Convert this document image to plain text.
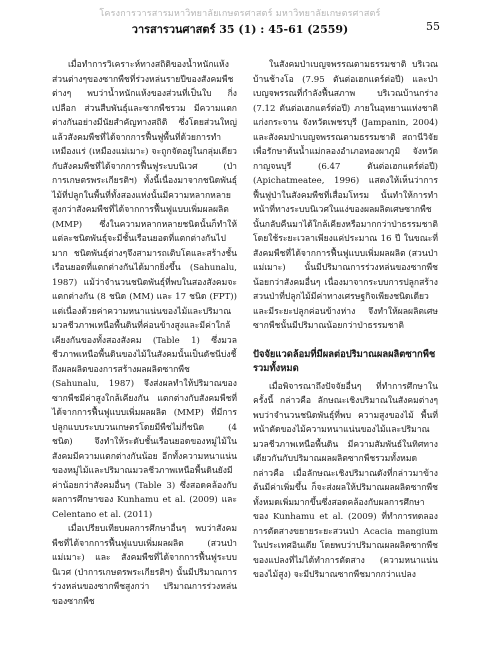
โครงการวารสารมหาวิทยาลัยเกษตรศาสตร์ มหาวิทยาลัยเกษตรศาสตร์
วารสารวนศาสตร์ 35 (1) : 45-61 (2559)	55

เมื่อทำการวิเคราะห์ทางสถิติของน้ำหนักแห้งส่วนต่างๆของซากพืชที่ร่วงหล่นรายปีของสังคมพืชต่างๆ พบว่าน้ำหนักแห้งของส่วนที่เป็นใบ กิ่ง เปลือก ส่วนสืบพันธุ์และซากพืชรวม มีความแตกต่างกันอย่างมีนัยสำคัญทางสถิติ ซึ่งโดยส่วนใหญ่แล้วสังคมพืชที่ได้จากการฟื้นฟูพื้นที่ด้วยการทำเหมืองแร่ (เหมืองแม่เมาะ) จะถูกจัดอยู่ในกลุ่มเดียวกับสังคมพืชที่ได้จากการฟื้นฟูระบบนิเวศ (ป่าการเกษตรพระเกียรติฯ) ทั้งนี้เนื่องมาจากชนิดพันธุ์ไม้ที่ปลูกในพื้นที่ทั้งสองแห่งนั้นมีความหลากหลายสูงกว่าสังคมพืชที่ได้จากการฟื้นฟูแบบเพิ่มผลผลิต (MMP) ซึ่งในความหลากหลายชนิดนั้นก็ทำให้แต่ละชนิดพันธุ์จะมีชั้นเรือนยอดที่แตกต่างกันไปมาก ชนิดพันธุ์ต่างๆจึงสามารถเติบโตและสร้างชั้นเรือนยอดที่แตกต่างกันได้มากยิ่งขึ้น (Sahunalu, 1987) แม้ว่าจำนวนชนิดพันธุ์ที่พบในสองสังคมจะแตกต่างกัน (8 ชนิด (MM) และ 17 ชนิด (FPT)) แต่เนื่องด้วยค่าความหนาแน่นของไม้และปริมาณมวลชีวภาพเหนือพื้นดินที่ค่อนข้างสูงและมีค่าใกล้เคียงกันของทั้งสองสังคม (Table 1) ซึ่งมวลชีวภาพเหนือพื้นดินของไม้ในสังคมนั้นเป็นดัชนีบ่งชี้ถึงผลผลิตของการสร้างผลผลิตซากพืช (Sahunalu, 1987) จึงส่งผลทำให้ปริมาณของซากพืชมีค่าสูงใกล้เคียงกัน แตกต่างกับสังคมพืชที่ได้จากการฟื้นฟูแบบเพิ่มผลผลิต (MMP) ที่มีการปลูกแบบระบบวนเกษตรโดยมีพืชไม่กี่ชนิด (4 ชนิด) จึงทำให้ระดับชั้นเรือนยอดของหมู่ไม้ในสังคมมีความแตกต่างกันน้อย อีกทั้งความหนาแน่นของหมู่ไม้และปริมาณมวลชีวภาพเหนือพื้นดินยังมีค่าน้อยกว่าสังคมอื่นๆ (Table 3) ซึ่งสอดคล้องกับผลการศึกษาของ Kunhamu et al. (2009) และ Celentano et al. (2011)

เมื่อเปรียบเทียบผลการศึกษาอื่นๆ พบว่าสังคมพืชที่ได้จากการฟื้นฟูแบบเพิ่มผลผลิต (สวนป่าแม่เมาะ) และ สังคมพืชที่ได้จากการฟื้นฟูระบบนิเวศ (ป่าการเกษตรพระเกียรติฯ) นั้นมีปริมาณการร่วงหล่นของซากพืชสูงกว่า ปริมาณการร่วงหล่นของซากพืช

ในสังคมป่าเบญจพรรณตามธรรมชาติ บริเวณบ้านช้างโอ (7.95 ตันต่อเฮกแตร์ต่อปี) และป่าเบญจพรรณที่กำลังฟื้นสภาพ บริเวณบ้านกร่าง (7.12 ตันต่อเฮกแตร์ต่อปี) ภายในอุทยานแห่งชาติแก่งกระจาน จังหวัดเพชรบุรี (Jampanin, 2004) และสังคมป่าเบญจพรรณตามธรรมชาติ สถานีวิจัยเพื่อรักษาต้นน้ำแม่กลองอำเภอทองผาภูมิ จังหวัดกาญจนบุรี (6.47 ตันต่อเฮกแตร์ต่อปี) (Apichatmeatee, 1996) แสดงให้เห็นว่าการฟื้นฟูป่าในสังคมพืชที่เสื่อมโทรม นั้นทำให้การทำหน้าที่ทางระบบนิเวศในแง่ของผลผลิตเศษซากพืชนั้นกลับคืนมาได้ใกล้เคียงหรือมากกว่าป่าธรรมชาติ โดยใช้ระยะเวลาเพียงแค่ประมาณ 16 ปี ในขณะที่สังคมพืชที่ได้จากการฟื้นฟูแบบเพิ่มผลผลิต (สวนป่าแม่เมาะ) นั้นมีปริมาณการร่วงหล่นของซากพืชน้อยกว่าสังคมอื่นๆ เนื่องมาจากระบบการปลูกสร้างสวนป่าที่ปลูกไม้มีค่าทางเศรษฐกิจเพียงชนิดเดียว และมีระยะปลูกค่อนข้างห่าง จึงทำให้ผลผลิตเศษซากพืชนั้นมีปริมาณน้อยกว่าป่าธรรมชาติ

ปัจจัยแวดล้อมที่มีผลต่อปริมาณผลผลิตซากพืชรวมทั้งหมด

เมื่อพิจารณาถึงปัจจัยอื่นๆ ที่ทำการศึกษาในครั้งนี้ กล่าวคือ ลักษณะเชิงปริมาณในสังคมต่างๆ พบว่าจำนวนชนิดพันธุ์ที่พบ ความสูงของไม้ พื้นที่หน้าตัดของไม้ความหนาแน่นของไม้และปริมาณมวลชีวภาพเหนือพื้นดิน มีความสัมพันธ์ในทิศทางเดียวกันกับปริมาณผลผลิตซากพืชรวมทั้งหมด กล่าวคือ เมื่อลักษณะเชิงปริมาณดังที่กล่าวมาข้างต้นมีค่าเพิ่มขึ้น ก็จะส่งผลให้ปริมาณผลผลิตซากพืชทั้งหมดเพิ่มมากขึ้นซึ่งสอดคล้องกับผลการศึกษาของ Kunhamu et al. (2009) ที่ทำการทดลองการตัดสางขยายระยะสวนป่า Acacia mangium ในประเทศอินเดีย โดยพบว่าปริมาณผลผลิตซากพืชของแปลงที่ไม่ได้ทำการตัดสาง (ความหนาแน่นของไม้สูง) จะมีปริมาณซากพืชมากกว่าแปลง
